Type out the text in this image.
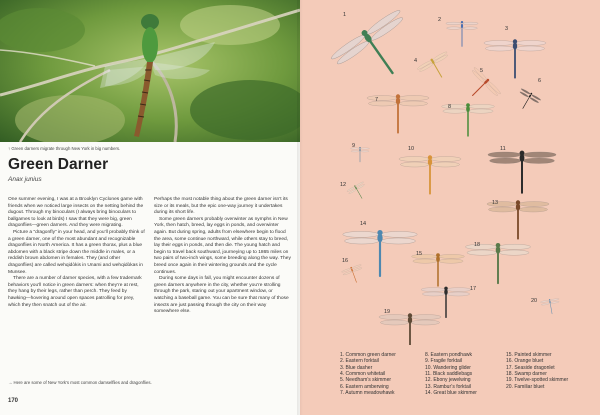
↑ Green darners migrate through New York in big numbers.
Green Darner
Anax junius

One summer evening, I was at a Brooklyn Cyclones game with friends when we noticed large insects on the netting behind the dugout. Through my binoculars (I always bring binoculars to ballgames to look at birds) I saw that they were big, green dragonflies—green darners. And they were migrating.

Picture a “dragonfly” in your head, and you’ll probably think of a green darner, one of the most abundant and recognizable dragonflies in North America. It has a green thorax, plus a blue abdomen with a black stripe down the middle in males, or a reddish brown abdomen in females. They (and other dragonflies) are called wehqidòkis in Unami and wehqidòkas in Munsee.

There are a number of darner species, with a few trademark behaviors you’ll notice in green darners: when they’re at rest, they hang by their legs, rather than perch. They feed by hawking—hovering around open spaces patrolling for prey, which they then snatch out of the air.

Perhaps the most notable thing about the green darner isn’t its size or its meals, but the epic one-way journey it undertakes during its short life.

Some green darners probably overwinter as nymphs in New York, then hatch, breed, lay eggs in ponds, and overwinter again. But during spring, adults from elsewhere begin to flood the area, some continue northward, while others stay to breed, lay their eggs in ponds, and then die. The young hatch and begin to travel back southward, journeying up to 1865 miles on two pairs of two-inch wings, some breeding along the way. They breed once again in their wintering grounds and the cycle continues.

During some days in fall, you might encounter dozens of green darners anywhere in the city, whether you’re strolling through the park, staring out your apartment window, or watching a baseball game. You can be sure that many of those insects are just passing through the city on their way somewhere else.

→ Here are some of New York’s most common damselflies and dragonflies.
170
1
2
3
4
5
6
7
8
9	10	11
12
13
14
15
16
17
18
19
20
1. Common green darner
2. Eastern forktail
3. Blue dasher
4. Common whitetail
5. Needham’s skimmer
6. Eastern amberwing
7. Autumn meadowhawk
8. Eastern pondhawk
9. Fragile forktail
10. Wandering glider
11. Black saddlebags
12. Ebony jewelwing
13. Rambur’s forktail
14. Great blue skimmer
15. Painted skimmer
16. Orange bluet
17. Seaside dragonlet
18. Swamp darner
19. Twelve-spotted skimmer
20. Familiar bluet
